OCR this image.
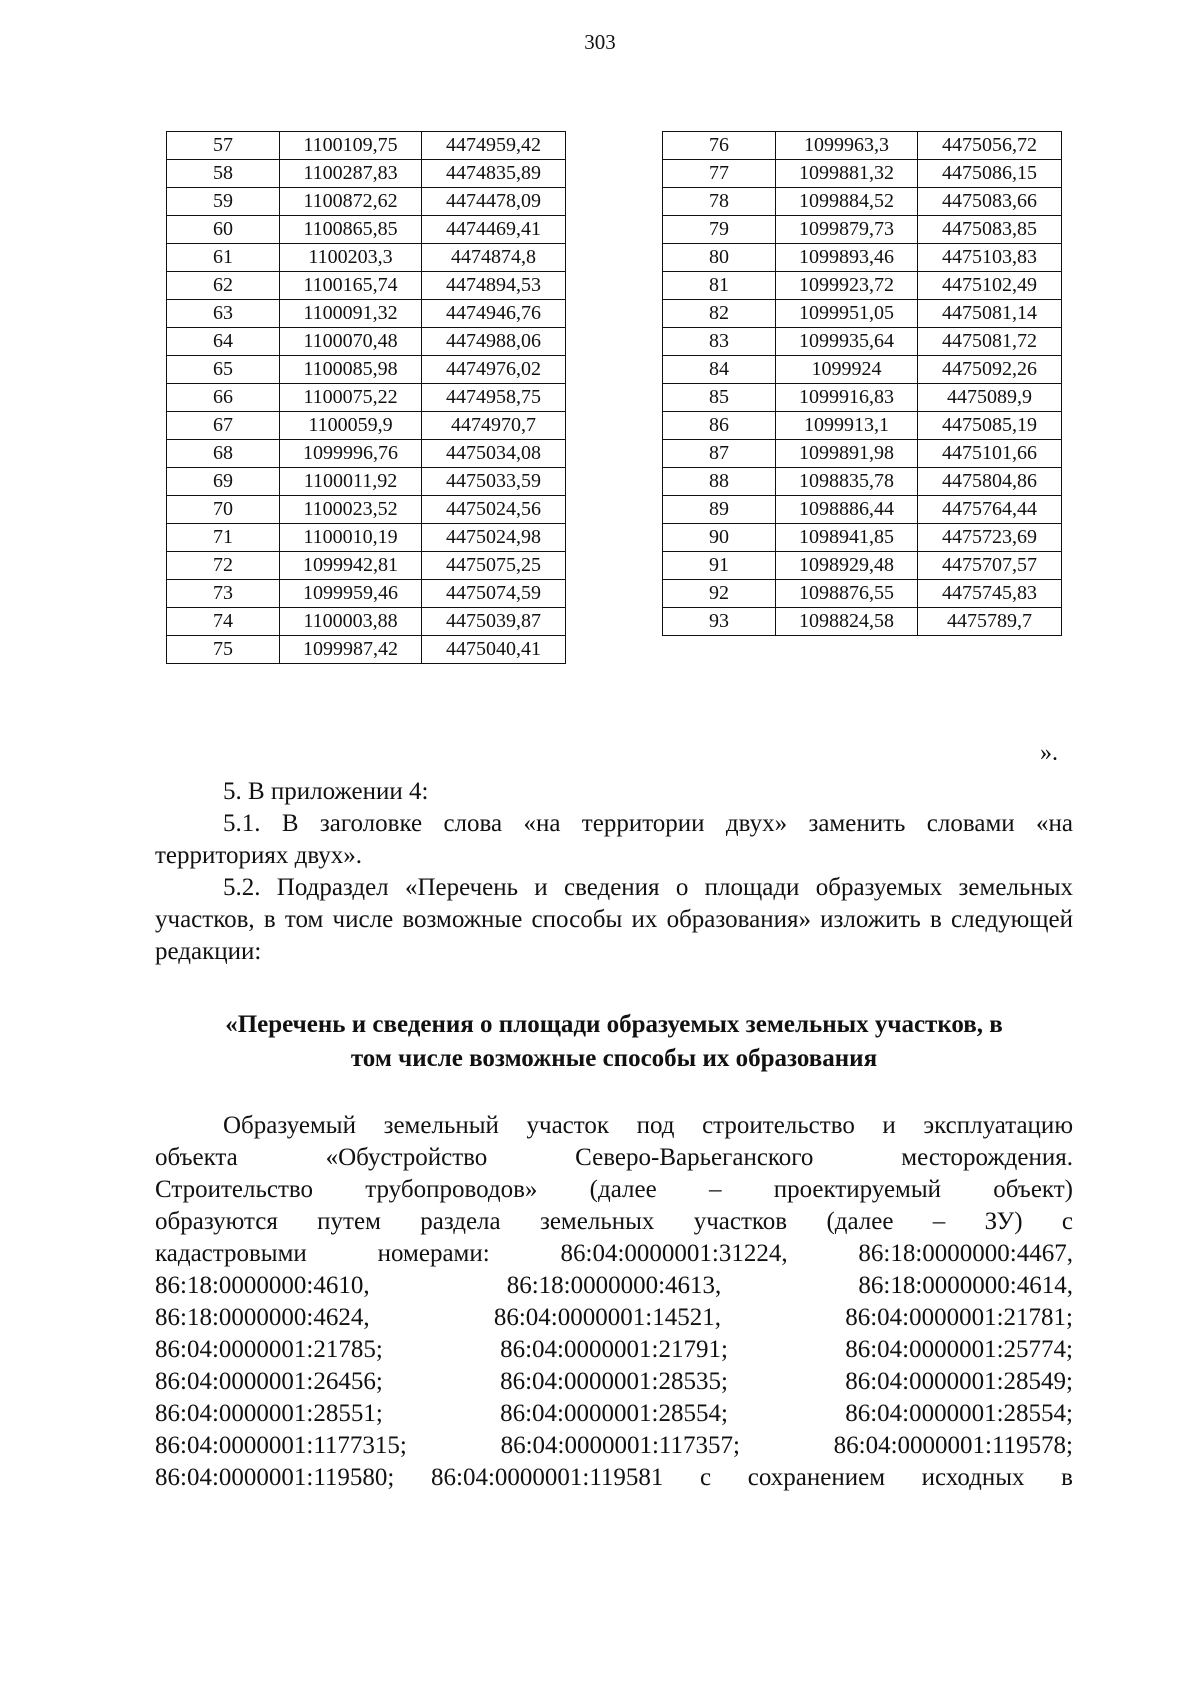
303
57	1100109,75	4474959,42
58	1100287,83	4474835,89
59	1100872,62	4474478,09
60	1100865,85	4474469,41
61	1100203,3	4474874,8
62	1100165,74	4474894,53
63	1100091,32	4474946,76
64	1100070,48	4474988,06
65	1100085,98	4474976,02
66	1100075,22	4474958,75
67	1100059,9	4474970,7
68	1099996,76	4475034,08
69	1100011,92	4475033,59
70	1100023,52	4475024,56
71	1100010,19	4475024,98
72	1099942,81	4475075,25
73	1099959,46	4475074,59
74	1100003,88	4475039,87
75	1099987,42	4475040,41
76	1099963,3	4475056,72
77	1099881,32	4475086,15
78	1099884,52	4475083,66
79	1099879,73	4475083,85
80	1099893,46	4475103,83
81	1099923,72	4475102,49
82	1099951,05	4475081,14
83	1099935,64	4475081,72
84	1099924	4475092,26
85	1099916,83	4475089,9
86	1099913,1	4475085,19
87	1099891,98	4475101,66
88	1098835,78	4475804,86
89	1098886,44	4475764,44
90	1098941,85	4475723,69
91	1098929,48	4475707,57
92	1098876,55	4475745,83
93	1098824,58	4475789,7
».

5. В приложении 4:

5.1. В заголовке слова «на территории двух» заменить словами «на территориях двух».

5.2. Подраздел «Перечень и сведения о площади образуемых земельных участков, в том числе возможные способы их образования» изложить в следующей редакции:

«Перечень и сведения о площади образуемых земельных участков, в
том числе возможные способы их образования
Образуемый земельный участок под строительство и эксплуатацию
объекта «Обустройство Северо-Варьеганского месторождения.
Строительство трубопроводов» (далее – проектируемый объект)
образуются путем раздела земельных участков (далее – ЗУ) с
кадастровыми номерами: 86:04:0000001:31224, 86:18:0000000:4467,
86:18:0000000:4610, 86:18:0000000:4613, 86:18:0000000:4614,
86:18:0000000:4624, 86:04:0000001:14521, 86:04:0000001:21781;
86:04:0000001:21785; 86:04:0000001:21791; 86:04:0000001:25774;
86:04:0000001:26456; 86:04:0000001:28535; 86:04:0000001:28549;
86:04:0000001:28551; 86:04:0000001:28554; 86:04:0000001:28554;
86:04:0000001:1177315; 86:04:0000001:117357; 86:04:0000001:119578;
86:04:0000001:119580; 86:04:0000001:119581 с сохранением исходных в
